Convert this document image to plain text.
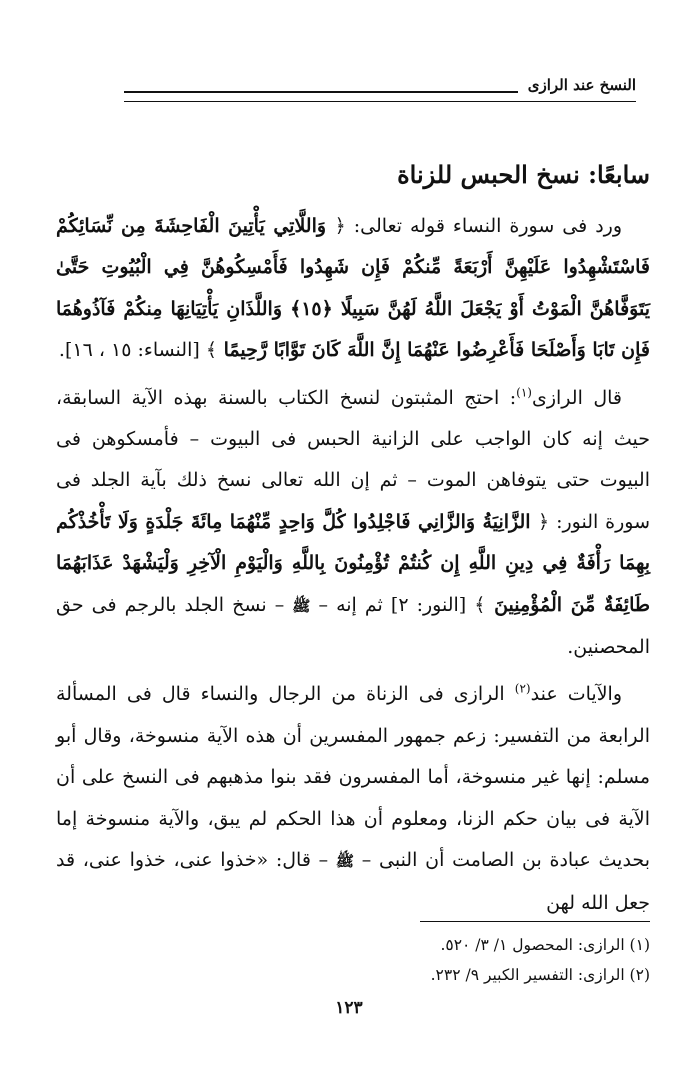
النسخ عند الرازى
سابعًا: نسخ الحبس للزناة

ورد فى سورة النساء قوله تعالى: ﴿ وَاللَّاتِي يَأْتِينَ الْفَاحِشَةَ مِن نِّسَائِكُمْ فَاسْتَشْهِدُوا عَلَيْهِنَّ أَرْبَعَةً مِّنكُمْ فَإِن شَهِدُوا فَأَمْسِكُوهُنَّ فِي الْبُيُوتِ حَتَّىٰ يَتَوَفَّاهُنَّ الْمَوْتُ أَوْ يَجْعَلَ اللَّهُ لَهُنَّ سَبِيلًا ﴿١٥﴾ وَاللَّذَانِ يَأْتِيَانِهَا مِنكُمْ فَآذُوهُمَا فَإِن تَابَا وَأَصْلَحَا فَأَعْرِضُوا عَنْهُمَا إِنَّ اللَّهَ كَانَ تَوَّابًا رَّحِيمًا ﴾ [النساء: ١٥ ، ١٦].

قال الرازى$^{(١)}$: احتج المثبتون لنسخ الكتاب بالسنة بهذه الآية السابقة، حيث إنه كان الواجب على الزانية الحبس فى البيوت – فأمسكوهن فى البيوت حتى يتوفاهن الموت – ثم إن الله تعالى نسخ ذلك بآية الجلد فى سورة النور: ﴿ الزَّانِيَةُ وَالزَّانِي فَاجْلِدُوا كُلَّ وَاحِدٍ مِّنْهُمَا مِائَةَ جَلْدَةٍ وَلَا تَأْخُذْكُم بِهِمَا رَأْفَةٌ فِي دِينِ اللَّهِ إِن كُنتُمْ تُؤْمِنُونَ بِاللَّهِ وَالْيَوْمِ الْآخِرِ وَلْيَشْهَدْ عَذَابَهُمَا طَائِفَةٌ مِّنَ الْمُؤْمِنِينَ ﴾ [النور: ٢] ثم إنه – ﷺ – نسخ الجلد بالرجم فى حق المحصنين.

والآيات عند$^{(٢)}$ الرازى فى الزناة من الرجال والنساء قال فى المسألة الرابعة من التفسير: زعم جمهور المفسرين أن هذه الآية منسوخة، وقال أبو مسلم: إنها غير منسوخة، أما المفسرون فقد بنوا مذهبهم فى النسخ على أن الآية فى بيان حكم الزنا، ومعلوم أن هذا الحكم لم يبق، والآية منسوخة إما بحديث عبادة بن الصامت أن النبى – ﷺ – قال: «خذوا عنى، خذوا عنى، قد جعل الله لهن

(١) الرازى: المحصول ١/ ٣/ ٥٢٠.
(٢) الرازى: التفسير الكبير ٩/ ٢٣٢.
١٢٣
